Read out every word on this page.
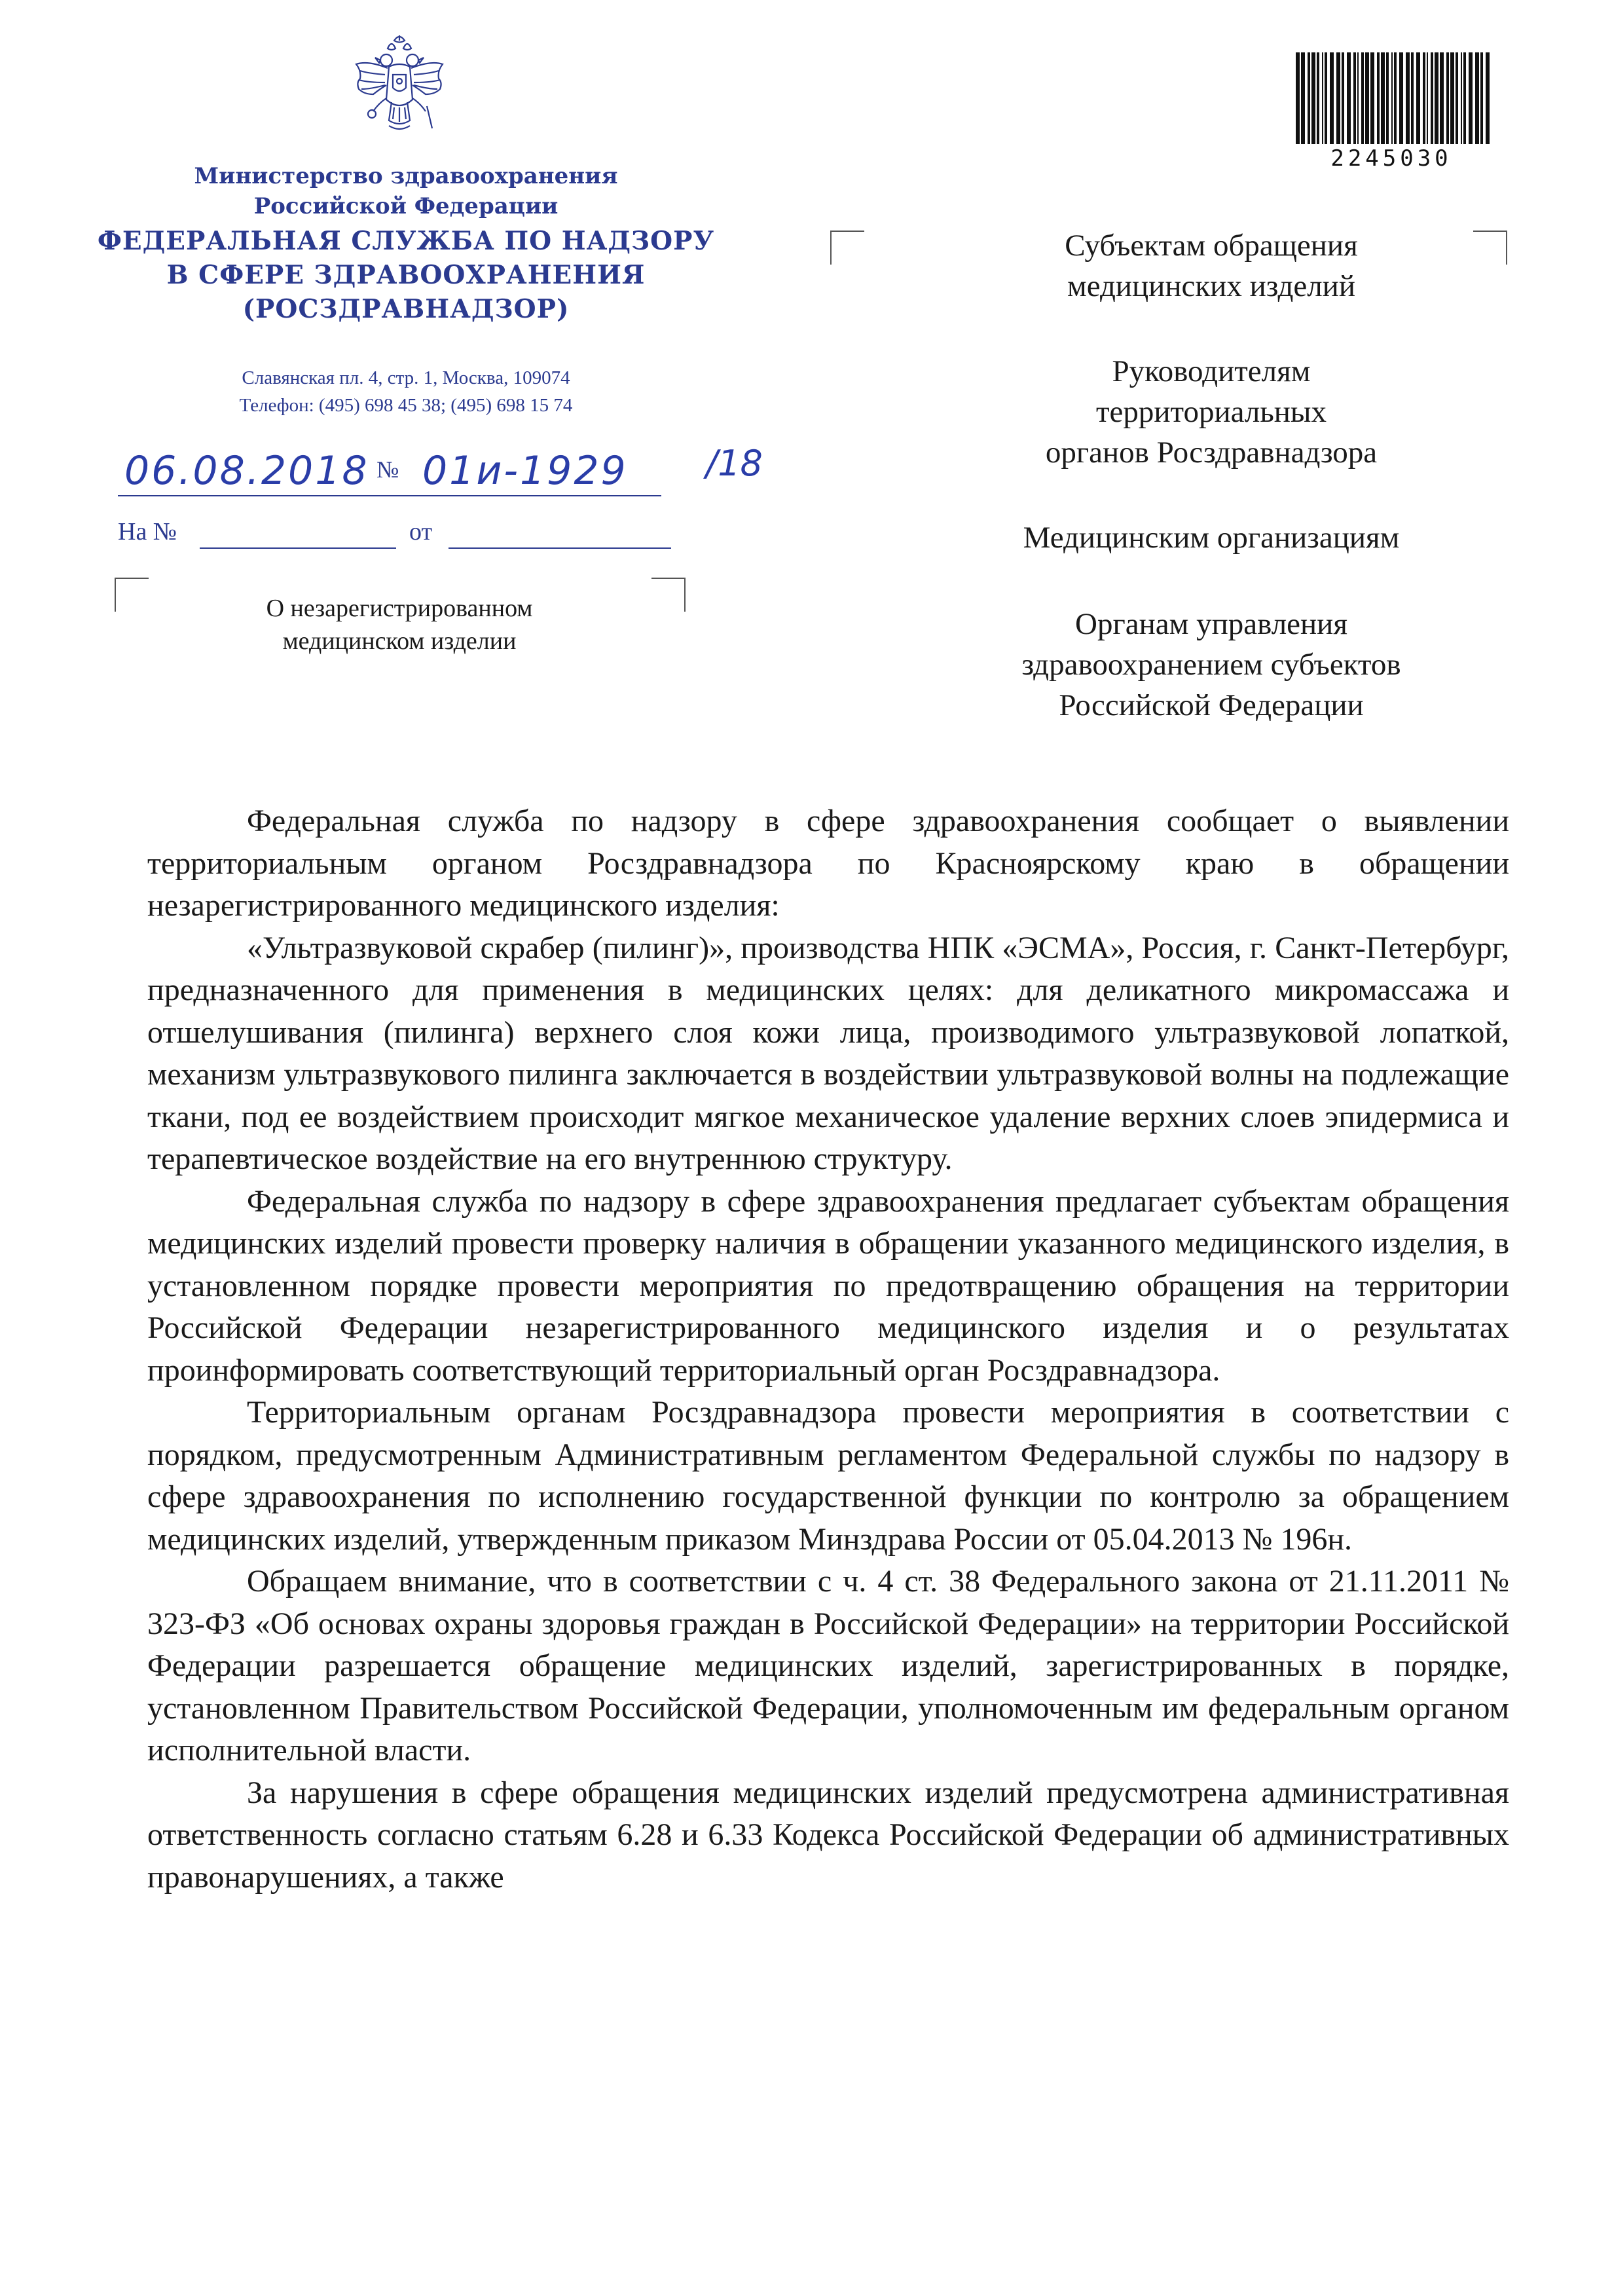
Министерство здравоохранения
Российской Федерации
ФЕДЕРАЛЬНАЯ СЛУЖБА ПО НАДЗОРУ
В СФЕРЕ ЗДРАВООХРАНЕНИЯ
(РОСЗДРАВНАДЗОР)
Славянская пл. 4, стр. 1, Москва, 109074
Телефон: (495) 698 45 38; (495) 698 15 74
06.08.2018 № 01и-1929 /18
На №	от
О незарегистрированном
медицинском изделии
2245030
Субъектам обращения
медицинских изделий
Руководителям
территориальных
органов Росздравнадзора
Медицинским организациям
Органам управления
здравоохранением субъектов
Российской Федерации

Федеральная служба по надзору в сфере здравоохранения сообщает о выявлении территориальным органом Росздравнадзора по Красноярскому краю в обращении незарегистрированного медицинского изделия:

«Ультразвуковой скрабер (пилинг)», производства НПК «ЭСМА», Россия, г. Санкт-Петербург, предназначенного для применения в медицинских целях: для деликатного микромассажа и отшелушивания (пилинга) верхнего слоя кожи лица, производимого ультразвуковой лопаткой, механизм ультразвукового пилинга заключается в воздействии ультразвуковой волны на подлежащие ткани, под ее воздействием происходит мягкое механическое удаление верхних слоев эпидермиса и терапевтическое воздействие на его внутреннюю структуру.

Федеральная служба по надзору в сфере здравоохранения предлагает субъектам обращения медицинских изделий провести проверку наличия в обращении указанного медицинского изделия, в установленном порядке провести мероприятия по предотвращению обращения на территории Российской Федерации незарегистрированного медицинского изделия и о результатах проинформировать соответствующий территориальный орган Росздравнадзора.

Территориальным органам Росздравнадзора провести мероприятия в соответствии с порядком, предусмотренным Административным регламентом Федеральной службы по надзору в сфере здравоохранения по исполнению государственной функции по контролю за обращением медицинских изделий, утвержденным приказом Минздрава России от 05.04.2013 № 196н.

Обращаем внимание, что в соответствии с ч. 4 ст. 38 Федерального закона от 21.11.2011 № 323-ФЗ «Об основах охраны здоровья граждан в Российской Федерации» на территории Российской Федерации разрешается обращение медицинских изделий, зарегистрированных в порядке, установленном Правительством Российской Федерации, уполномоченным им федеральным органом исполнительной власти.

За нарушения в сфере обращения медицинских изделий предусмотрена административная ответственность согласно статьям 6.28 и 6.33 Кодекса Российской Федерации об административных правонарушениях, а также
